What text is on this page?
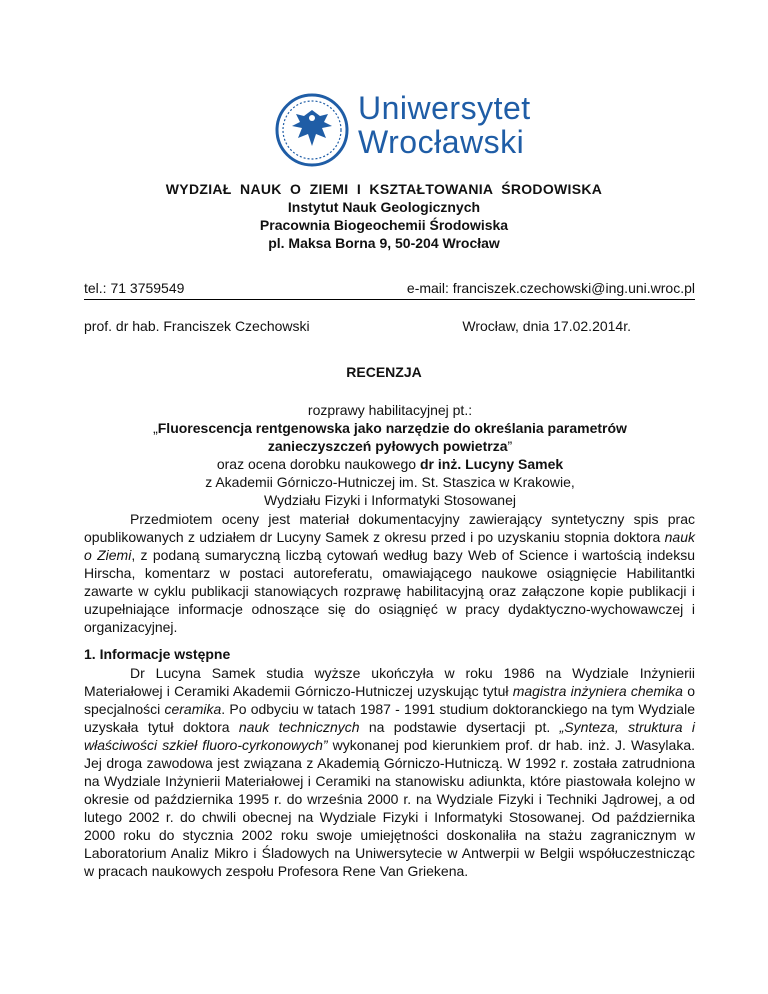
Uniwersytet
Wrocławski
WYDZIAŁ  NAUK  O  ZIEMI  I  KSZTAŁTOWANIA  ŚRODOWISKA
Instytut Nauk Geologicznych
Pracownia Biogeochemii Środowiska
pl. Maksa Borna 9, 50-204 Wrocław
tel.: 71 3759549	e-mail: franciszek.czechowski@ing.uni.wroc.pl
prof. dr hab. Franciszek Czechowski	Wrocław, dnia 17.02.2014r.
RECENZJA
rozprawy habilitacyjnej pt.:
„Fluorescencja rentgenowska jako narzędzie do określania parametrów zanieczyszczeń pyłowych powietrza”
oraz ocena dorobku naukowego dr inż. Lucyny Samek
z Akademii Górniczo-Hutniczej im. St. Staszica w Krakowie,
Wydziału Fizyki i Informatyki Stosowanej
Przedmiotem oceny jest materiał dokumentacyjny zawierający syntetyczny spis prac opublikowanych z udziałem dr Lucyny Samek z okresu przed i po uzyskaniu stopnia doktora nauk o Ziemi, z podaną sumaryczną liczbą cytowań według bazy Web of Science i wartością indeksu Hirscha, komentarz w postaci autoreferatu, omawiającego naukowe osiągnięcie Habilitantki zawarte w cyklu publikacji stanowiących rozprawę habilitacyjną oraz załączone kopie publikacji i uzupełniające informacje odnoszące się do osiągnięć w pracy dydaktyczno-wychowawczej i organizacyjnej.
1. Informacje wstępne
Dr Lucyna Samek studia wyższe ukończyła w roku 1986 na Wydziale Inżynierii Materiałowej i Ceramiki Akademii Górniczo-Hutniczej uzyskując tytuł magistra inżyniera chemika o specjalności ceramika. Po odbyciu w tatach 1987 - 1991 studium doktoranckiego na tym Wydziale uzyskała tytuł doktora nauk technicznych na podstawie dysertacji pt. „Synteza, struktura i właściwości szkieł fluoro-cyrkonowych” wykonanej pod kierunkiem prof. dr hab. inż. J. Wasylaka. Jej droga zawodowa jest związana z Akademią Górniczo-Hutniczą. W 1992 r. została zatrudniona na Wydziale Inżynierii Materiałowej i Ceramiki na stanowisku adiunkta, które piastowała kolejno w okresie od października 1995 r. do września 2000 r. na Wydziale Fizyki i Techniki Jądrowej, a od lutego 2002 r. do chwili obecnej na Wydziale Fizyki i Informatyki Stosowanej. Od października 2000 roku do stycznia 2002 roku swoje umiejętności doskonaliła na stażu zagranicznym w Laboratorium Analiz Mikro i Śladowych na Uniwersytecie w Antwerpii w Belgii współuczestnicząc w pracach naukowych zespołu Profesora Rene Van Griekena.
